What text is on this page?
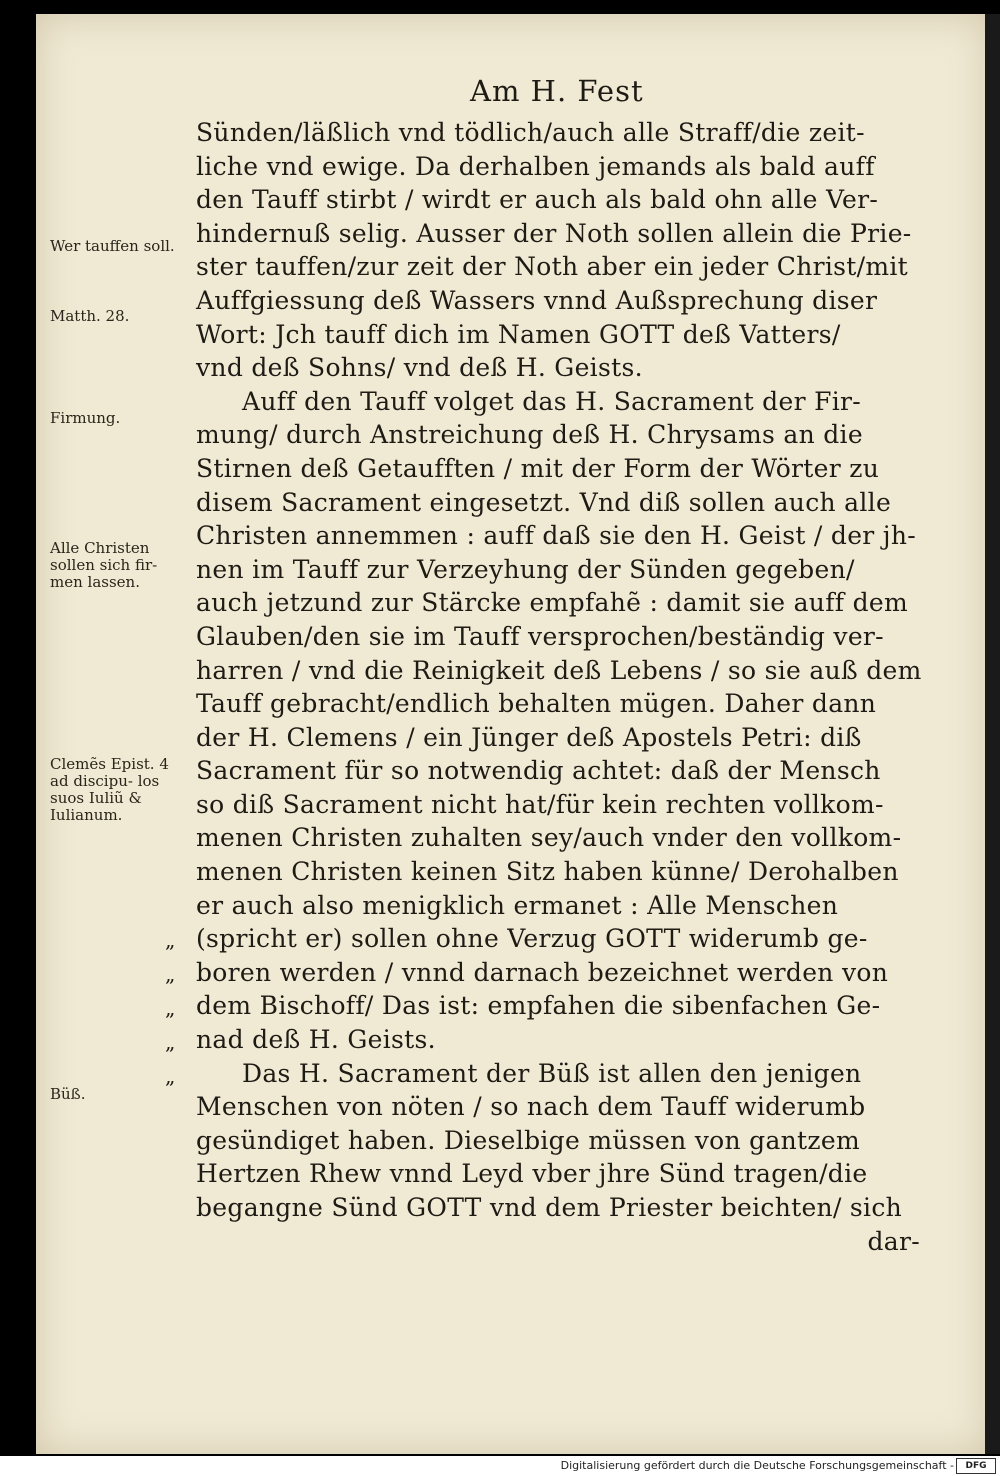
Am H. Fest
Sünden/läßlich vnd tödlich/auch alle Straff/die zeit-
liche vnd ewige. Da derhalben jemands als bald auff
den Tauff stirbt / wirdt er auch als bald ohn alle Ver-
hindernuß selig. Ausser der Noth sollen allein die Prie-
ster tauffen/zur zeit der Noth aber ein jeder Christ/mit
Auffgiessung deß Wassers vnnd Außsprechung diser
Wort: Jch tauff dich im Namen GOTT deß Vatters/
vnd deß Sohns/ vnd deß H. Geists.
Auff den Tauff volget das H. Sacrament der Fir-
mung/ durch Anstreichung deß H. Chrysams an die
Stirnen deß Getaufften / mit der Form der Wörter zu
disem Sacrament eingesetzt. Vnd diß sollen auch alle
Christen annemmen : auff daß sie den H. Geist / der jh-
nen im Tauff zur Verzeyhung der Sünden gegeben/
auch jetzund zur Stärcke empfahẽ : damit sie auff dem
Glauben/den sie im Tauff versprochen/beständig ver-
harren / vnd die Reinigkeit deß Lebens / so sie auß dem
Tauff gebracht/endlich behalten mügen. Daher dann
der H. Clemens / ein Jünger deß Apostels Petri: diß
Sacrament für so notwendig achtet: daß der Mensch
so diß Sacrament nicht hat/für kein rechten vollkom-
menen Christen zuhalten sey/auch vnder den vollkom-
menen Christen keinen Sitz haben künne/ Derohalben
er auch also menigklich ermanet : Alle Menschen
(spricht er) sollen ohne Verzug GOTT widerumb ge-
boren werden / vnnd darnach bezeichnet werden von
dem Bischoff/ Das ist: empfahen die sibenfachen Ge-
nad deß H. Geists.
Das H. Sacrament der Büß ist allen den jenigen
Menschen von nöten / so nach dem Tauff widerumb
gesündiget haben. Dieselbige müssen von gantzem
Hertzen Rhew vnnd Leyd vber jhre Sünd tragen/die
begangne Sünd GOTT vnd dem Priester beichten/ sich
dar-
Wer tauffen soll.
Matth. 28.
Firmung.
Alle Christen sollen sich fir- men lassen.
Clemẽs Epist. 4 ad discipu- los suos Iuliũ & Iulianum.
Büß.
„
„
„
„
„
Digitalisierung gefördert durch die Deutsche Forschungsgemeinschaft -	DFG
